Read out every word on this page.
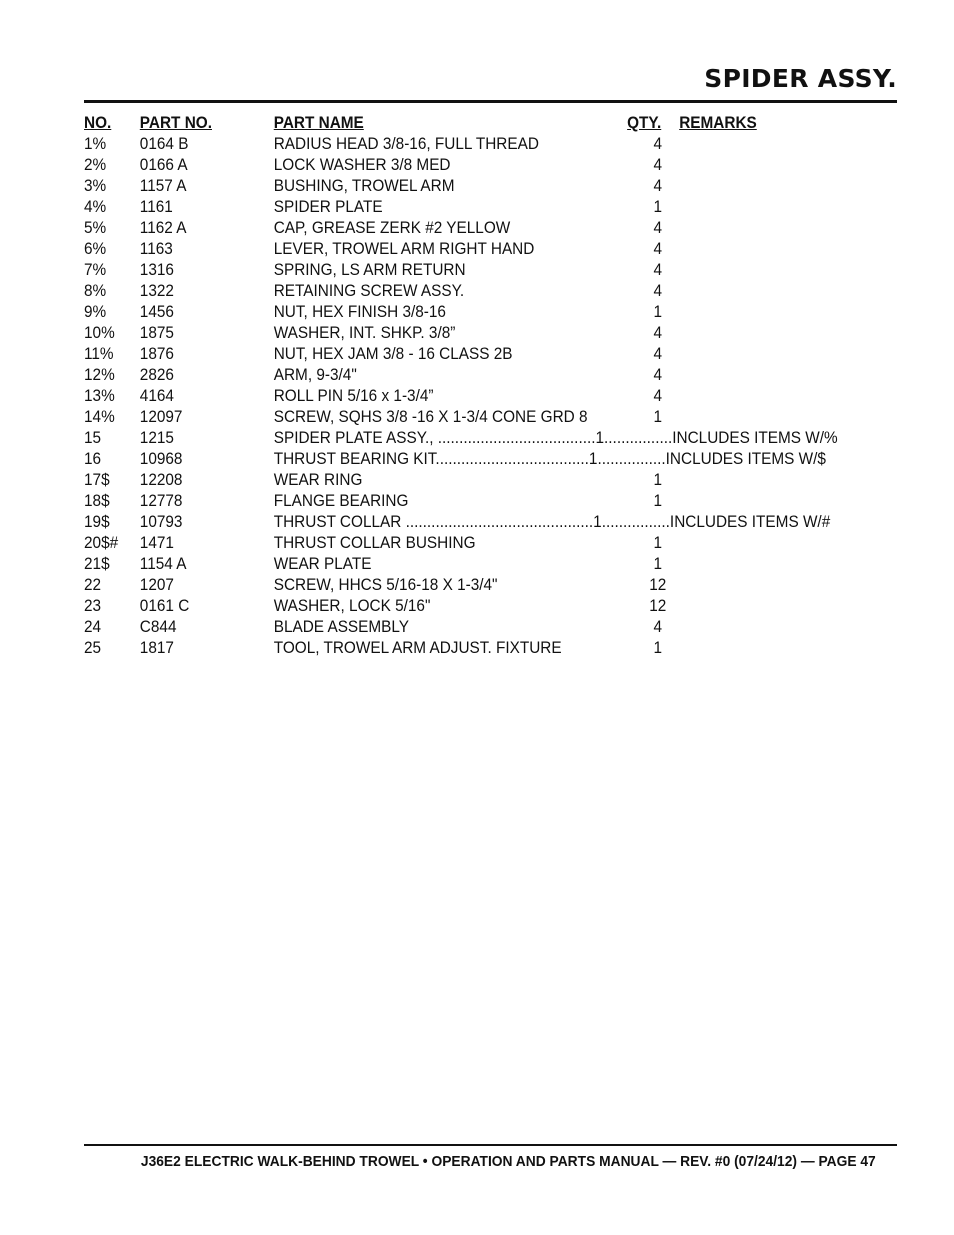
SPIDER ASSY.
NO. PART NO.	PART NAME	QTY. REMARKS
1% 0164 B	RADIUS HEAD 3/8-16, FULL THREAD	4
2% 0166 A	LOCK WASHER 3/8 MED	4
3% 1157 A	BUSHING, TROWEL ARM	4
4% 1161	SPIDER PLATE	1
5% 1162 A	CAP, GREASE ZERK #2 YELLOW	4
6% 1163	LEVER, TROWEL ARM RIGHT HAND	4
7% 1316	SPRING, LS ARM RETURN	4
8% 1322	RETAINING SCREW ASSY.	4
9% 1456	NUT, HEX FINISH 3/8-16	1
10% 1875	WASHER, INT. SHKP. 3/8”	4
11% 1876	NUT, HEX JAM 3/8 - 16 CLASS 2B	4
12% 2826	ARM, 9-3/4"	4
13% 4164	ROLL PIN 5/16 x 1-3/4”	4
14% 12097	SCREW, SQHS 3/8 -16 X 1-3/4 CONE GRD 8	1
15 1215	SPIDER PLATE ASSY., .....................................1................INCLUDES ITEMS W/%
16 10968	THRUST BEARING KIT....................................1................INCLUDES ITEMS W/$
17$ 12208	WEAR RING	1
18$ 12778	FLANGE BEARING	1
19$ 10793	THRUST COLLAR ............................................1................INCLUDES ITEMS W/#
20$# 1471	THRUST COLLAR BUSHING	1
21$ 1154 A	WEAR PLATE	1
22 1207	SCREW, HHCS 5/16-18 X 1-3/4"	12
23 0161 C	WASHER, LOCK 5/16"	12
24 C844	BLADE ASSEMBLY	4
25 1817	TOOL, TROWEL ARM ADJUST. FIXTURE	1
J36E2 ELECTRIC WALK-BEHIND TROWEL • OPERATION AND PARTS MANUAL — REV. #0 (07/24/12) — PAGE 47
